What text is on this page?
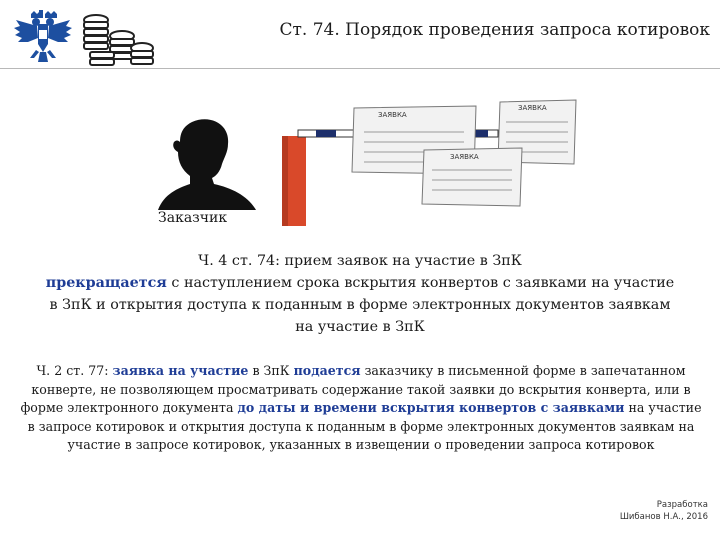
Ст. 74. Порядок проведения запроса котировок
Заказчик
ЗАЯВКА
ЗАЯВКА
ЗАЯВКА
Ч. 4 ст. 74: прием заявок на участие в ЗпК
прекращается с наступлением срока вскрытия конвертов с заявками на участие в ЗпК и открытия доступа к поданным в форме электронных документов заявкам на участие в ЗпК
Ч. 2 ст. 77: заявка на участие в ЗпК подается заказчику в письменной форме в запечатанном конверте, не позволяющем просматривать содержание такой заявки до вскрытия конверта, или в форме электронного документа до даты и времени вскрытия конвертов с заявками на участие в запросе котировок и открытия доступа к поданным в форме электронных документов заявкам на участие в запросе котировок, указанных в извещении о проведении запроса котировок
Разработка
Шибанов Н.А., 2016
